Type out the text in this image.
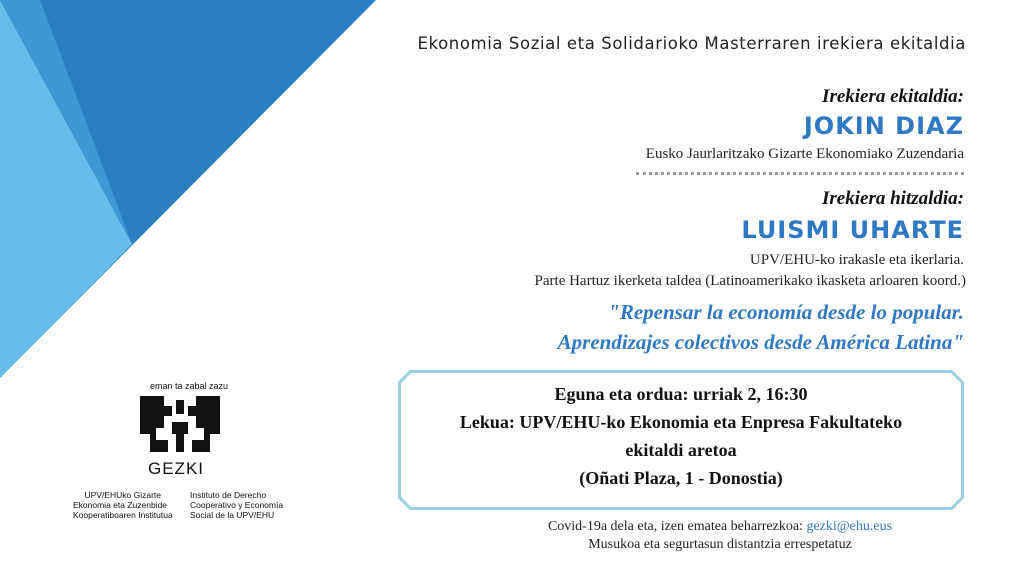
Ekonomia Sozial eta Solidarioko Masterraren irekiera ekitaldia
Irekiera ekitaldia:
JOKIN DIAZ
Eusko Jaurlaritzako Gizarte Ekonomiako Zuzendaria
Irekiera hitzaldia:
LUISMI UHARTE
UPV/EHU-ko irakasle eta ikerlaria.
Parte Hartuz ikerketa taldea (Latinoamerikako ikasketa arloaren koord.)
"Repensar la economía desde lo popular.
Aprendizajes colectivos desde América Latina"
Eguna eta ordua: urriak 2, 16:30
Lekua: UPV/EHU-ko Ekonomia eta Enpresa Fakultateko
ekitaldi aretoa
(Oñati Plaza, 1 - Donostia)
Covid-19a dela eta, izen ematea beharrezkoa: gezki@ehu.eus
Musukoa eta segurtasun distantzia errespetatuz
eman ta zabal zazu
GEZKI
UPV/EHUko Gizarte
Ekonomia eta Zuzenbide
Kooperatiboaren Institutua
Instituto de Derecho
Cooperativo y Economía
Social de la UPV/EHU
